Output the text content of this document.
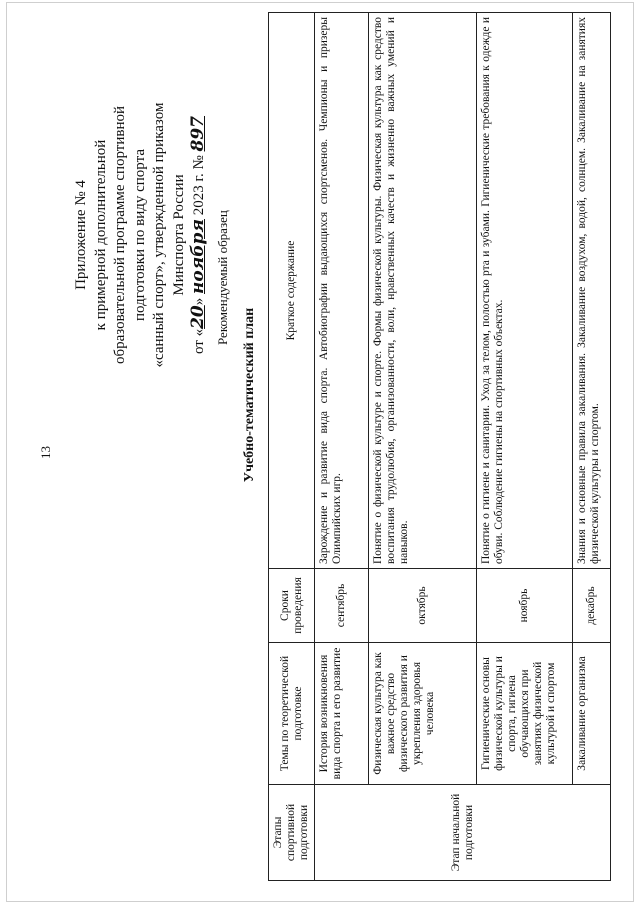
13
Приложение № 4 к примерной дополнительной образовательной программе спортивной подготовки по виду спорта «санный спорт», утвержденной приказом Минспорта России
от «20» ноября 2023 г. № 897
Рекомендуемый образец
Учебно-тематический план
Этапы спортивной подготовки	Темы по теоретической подготовке	Сроки проведения	Краткое содержание
Этап начальной подготовки	История возникновения вида спорта и его развитие	сентябрь	Зарождение и развитие вида спорта. Автобиографии выдающихся спортсменов. Чемпионы и призеры Олимпийских игр.
	Физическая культура как важное средство физического развития и укрепления здоровья человека	октябрь	Понятие о физической культуре и спорте. Формы физической культуры. Физическая культура как средство воспитания трудолюбия, организованности, воли, нравственных качеств и жизненно важных умений и навыков.
	Гигиенические основы физической культуры и спорта, гигиена обучающихся при занятиях физической культурой и спортом	ноябрь	Понятие о гигиене и санитарии. Уход за телом, полостью рта и зубами. Гигиенические требования к одежде и обуви. Соблюдение гигиены на спортивных объектах.
	Закаливание организма	декабрь	Знания и основные правила закаливания. Закаливание воздухом, водой, солнцем. Закаливание на занятиях физической культуры и спортом.
